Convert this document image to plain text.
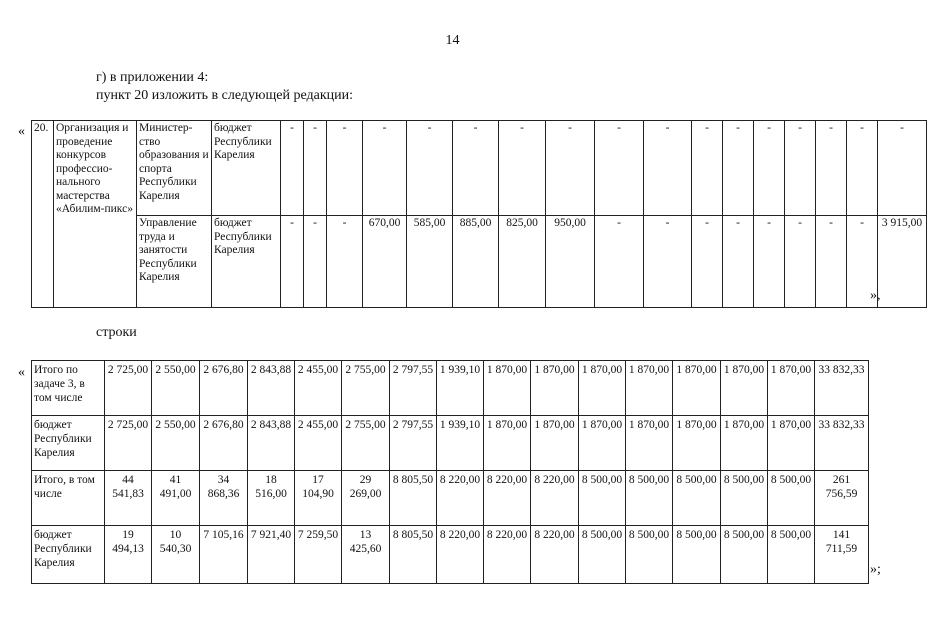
14
г) в приложении 4:
пункт 20 изложить в следующей редакции:
« 20.	Организация и проведение конкурсов профессио-нального мастерства «Абилим-пикс»	Министер-ство образования и спорта Республики Карелия	бюджет Республики Карелия	-	-	-	-	-	-	-	-	-	-	-	-	-	-	-	-	-
		Управление труда и занятости Республики Карелия	бюджет Республики Карелия	-	-	-	670,00	585,00	885,00	825,00	950,00	-	-	-	-	-	-	-	-	3 915,00
»,
строки
« Итого по задаче 3, в том числе	2 725,00	2 550,00	2 676,80	2 843,88	2 455,00	2 755,00	2 797,55	1 939,10	1 870,00	1 870,00	1 870,00	1 870,00	1 870,00	1 870,00	1 870,00	33 832,33
бюджет Республики Карелия	2 725,00	2 550,00	2 676,80	2 843,88	2 455,00	2 755,00	2 797,55	1 939,10	1 870,00	1 870,00	1 870,00	1 870,00	1 870,00	1 870,00	1 870,00	33 832,33
Итого, в том числе	44 541,83	41 491,00	34 868,36	18 516,00	17 104,90	29 269,00	8 805,50	8 220,00	8 220,00	8 220,00	8 500,00	8 500,00	8 500,00	8 500,00	8 500,00	261 756,59
бюджет Республики Карелия	19 494,13	10 540,30	7 105,16	7 921,40	7 259,50	13 425,60	8 805,50	8 220,00	8 220,00	8 220,00	8 500,00	8 500,00	8 500,00	8 500,00	8 500,00	141 711,59
»;
